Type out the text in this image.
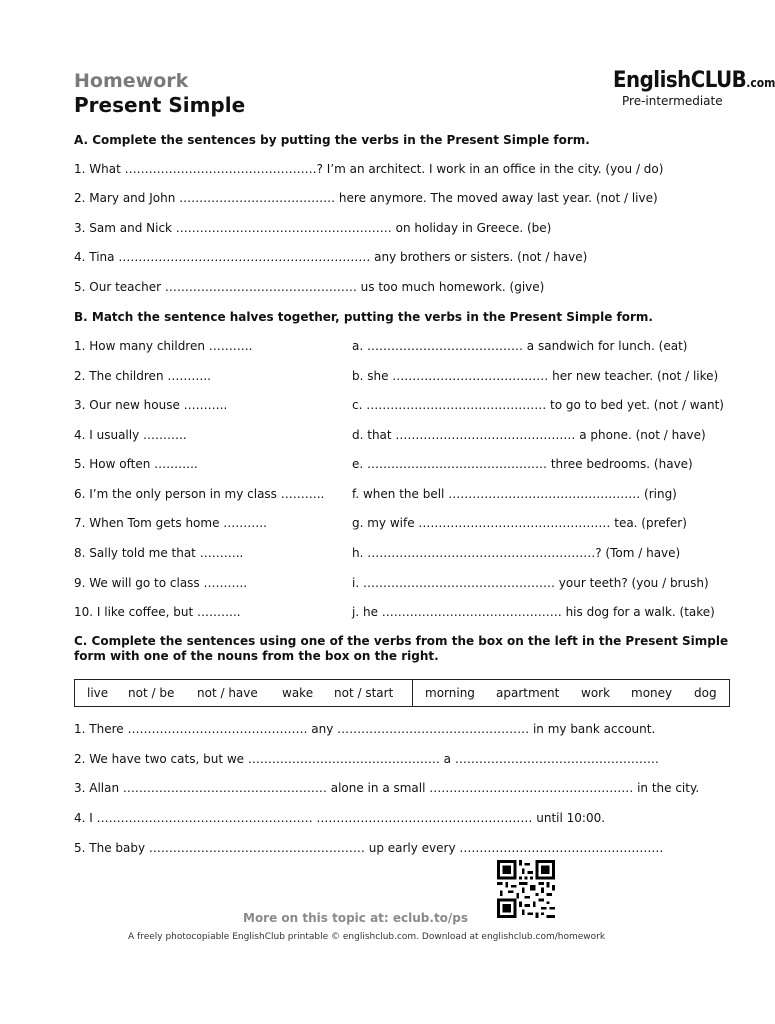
Homework
Present Simple
EnglishCLUB.com
Pre-intermediate
A. Complete the sentences by putting the verbs in the Present Simple form.
1. What …………………………………………? I’m an architect. I work in an office in the city. (you / do)
2. Mary and John ………………………………… here anymore. The moved away last year. (not / live)
3. Sam and Nick ……………………………………………… on holiday in Greece. (be)
4. Tina ……………………………………………………… any brothers or sisters. (not / have)
5. Our teacher ………………………………………… us too much homework. (give)
B. Match the sentence halves together, putting the verbs in the Present Simple form.
1. How many children ………..
2. The children ………..
3. Our new house ………..
4. I usually ………..
5. How often ………..
6. I’m the only person in my class ………..
7. When Tom gets home ………..
8. Sally told me that ………..
9. We will go to class ………..
10. I like coffee, but ………..
a. ………………………………… a sandwich for lunch. (eat)
b. she ………………………………… her new teacher. (not / like)
c. ……………………………………… to go to bed yet. (not / want)
d. that ……………………………………… a phone. (not / have)
e. ……………………………………… three bedrooms. (have)
f. when the bell ………………………………………… (ring)
g. my wife ………………………………………… tea. (prefer)
h. …………………………………………………? (Tom / have)
i. ………………………………………… your teeth? (you / brush)
j. he ……………………………………… his dog for a walk. (take)
C. Complete the sentences using one of the verbs from the box on the left in the Present Simple form with one of the nouns from the box on the right.
live not / be not / have wake not / start	morning apartment work money dog
1. There ……………………………………… any ………………………………………… in my bank account.
2. We have two cats, but we ………………………………………… a ……………………………………………
3. Allan …………………………………………… alone in a small …………………………………………… in the city.
4. I ……………………………………………… ……………………………………………… until 10:00.
5. The baby ……………………………………………… up early every ……………………………………………
More on this topic at: eclub.to/ps
A freely photocopiable EnglishClub printable © englishclub.com. Download at englishclub.com/homework
